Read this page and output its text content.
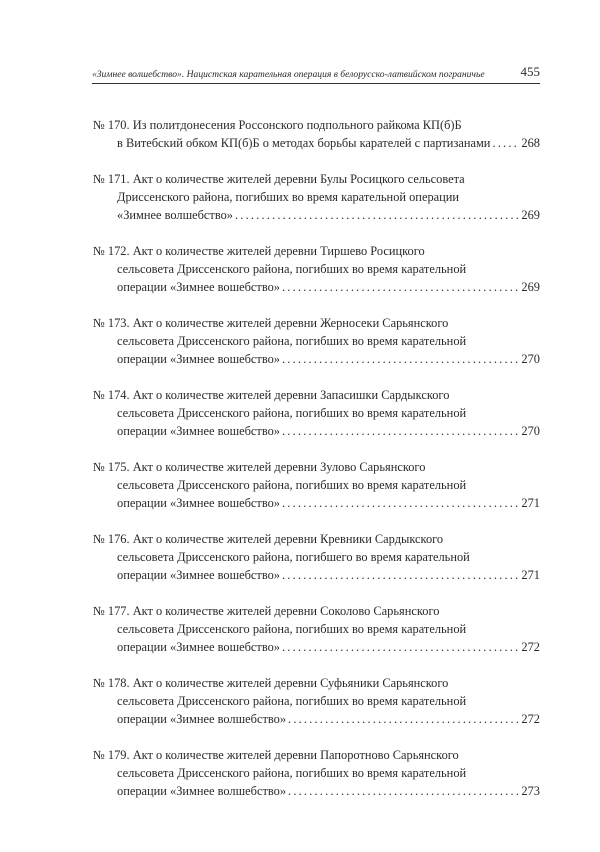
«Зимнее волшебство». Нацистская карательная операция в белорусско-латвийском пограничье	455
№ 170. Из политдонесения Россонского подпольного райкома КП(б)Б
в Витебский обком КП(б)Б о методах борьбы карателей с партизанами ..... 268
№ 171. Акт о количестве жителей деревни Булы Росицкого сельсовета
Дриссенского района, погибших во время карательной операции
«Зимнее волшебство» .....	269
№ 172. Акт о количестве жителей деревни Тиршево Росицкого
сельсовета Дриссенского района, погибших во время карательной
операции «Зимнее вошебство» .....	269
№ 173. Акт о количестве жителей деревни Жерносеки Сарьянского
сельсовета Дриссенского района, погибших во время карательной
операции «Зимнее вошебство» .....	270
№ 174. Акт о количестве жителей деревни Запасишки Сардыкского
сельсовета Дриссенского района, погибших во время карательной
операции «Зимнее вошебство» .....	270
№ 175. Акт о количестве жителей деревни Зулово Сарьянского
сельсовета Дриссенского района, погибших во время карательной
операции «Зимнее вошебство» .....	271
№ 176. Акт о количестве жителей деревни Кревники Сардыкского
сельсовета Дриссенского района, погибшего во время карательной
операции «Зимнее вошебство» .....	271
№ 177. Акт о количестве жителей деревни Соколово Сарьянского
сельсовета Дриссенского района, погибших во время карательной
операции «Зимнее вошебство» .....	272
№ 178. Акт о количестве жителей деревни Суфьяники Сарьянского
сельсовета Дриссенского района, погибших во время карательной
операции «Зимнее волшебство» .....	272
№ 179. Акт о количестве жителей деревни Папоротново Сарьянского
сельсовета Дриссенского района, погибших во время карательной
операции «Зимнее волшебство» .....	273
